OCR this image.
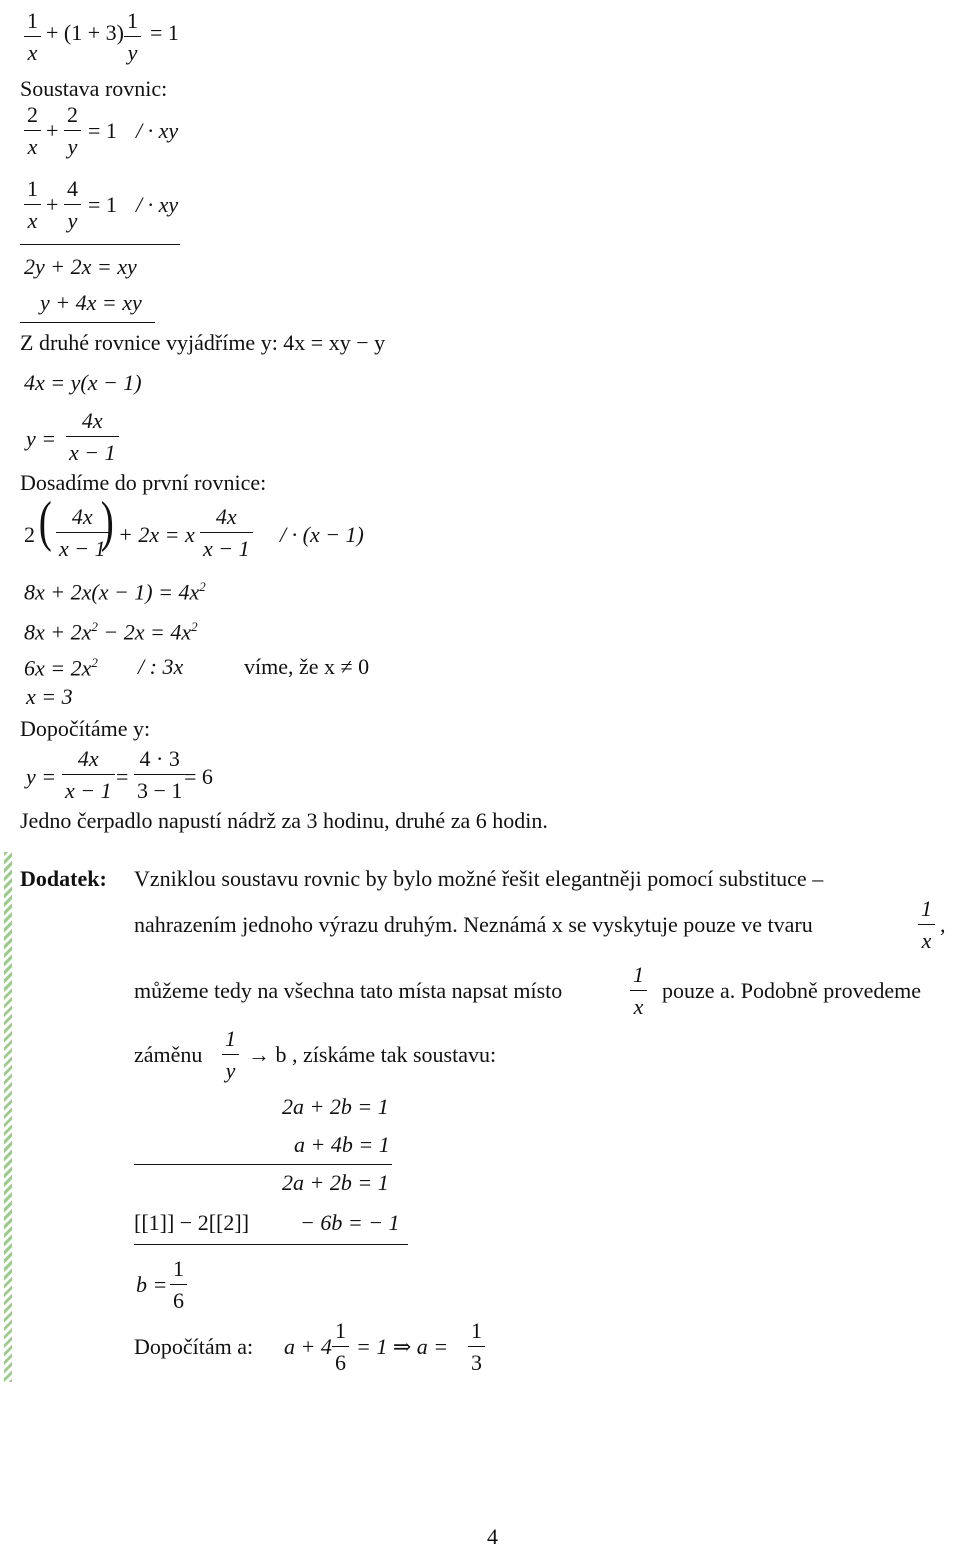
1
x
+ (1 + 3) 1
y
= 1
Soustava rovnic:
2
x
+
2
y
= 1 / · xy
1
x
+
4
y
= 1 / · xy
2y + 2x = xy
y + 4x = xy
Z druhé rovnice vyjádříme y: 4x = xy − y
4x = y(x − 1)
y =
4x
x − 1
Dosadíme do první rovnice:
2 ( 4x
x − 1
) + 2x = x
4x
x − 1
/ · (x − 1)
$8x + 2x(x - 1) = 4x^2$
$8x + 2x^2 - 2x = 4x^2$
$6x = 2x^2$ / : 3x	víme, že x ≠ 0
x = 3
Dopočítáme y:
y =
4x
x − 1
=
4 · 3
3 − 1
= 6
Jedno čerpadlo napustí nádrž za 3 hodinu, druhé za 6 hodin.
Dodatek: Vzniklou soustavu rovnic by bylo možné řešit elegantněji pomocí substituce –
nahrazením jednoho výrazu druhým. Neznámá x se vyskytuje pouze ve tvaru
1
x
,
můžeme tedy na všechna tato místa napsat místo
1
x
pouze a. Podobně provedeme
záměnu
1
y
→ b , získáme tak soustavu:
2a + 2b = 1
a + 4b = 1
2a + 2b = 1
[[1]] − 2[[2]] − 6b = − 1
b =
1
6
Dopočítám a: a + 4
1
6
= 1 ⇒ a =
1
3
4
